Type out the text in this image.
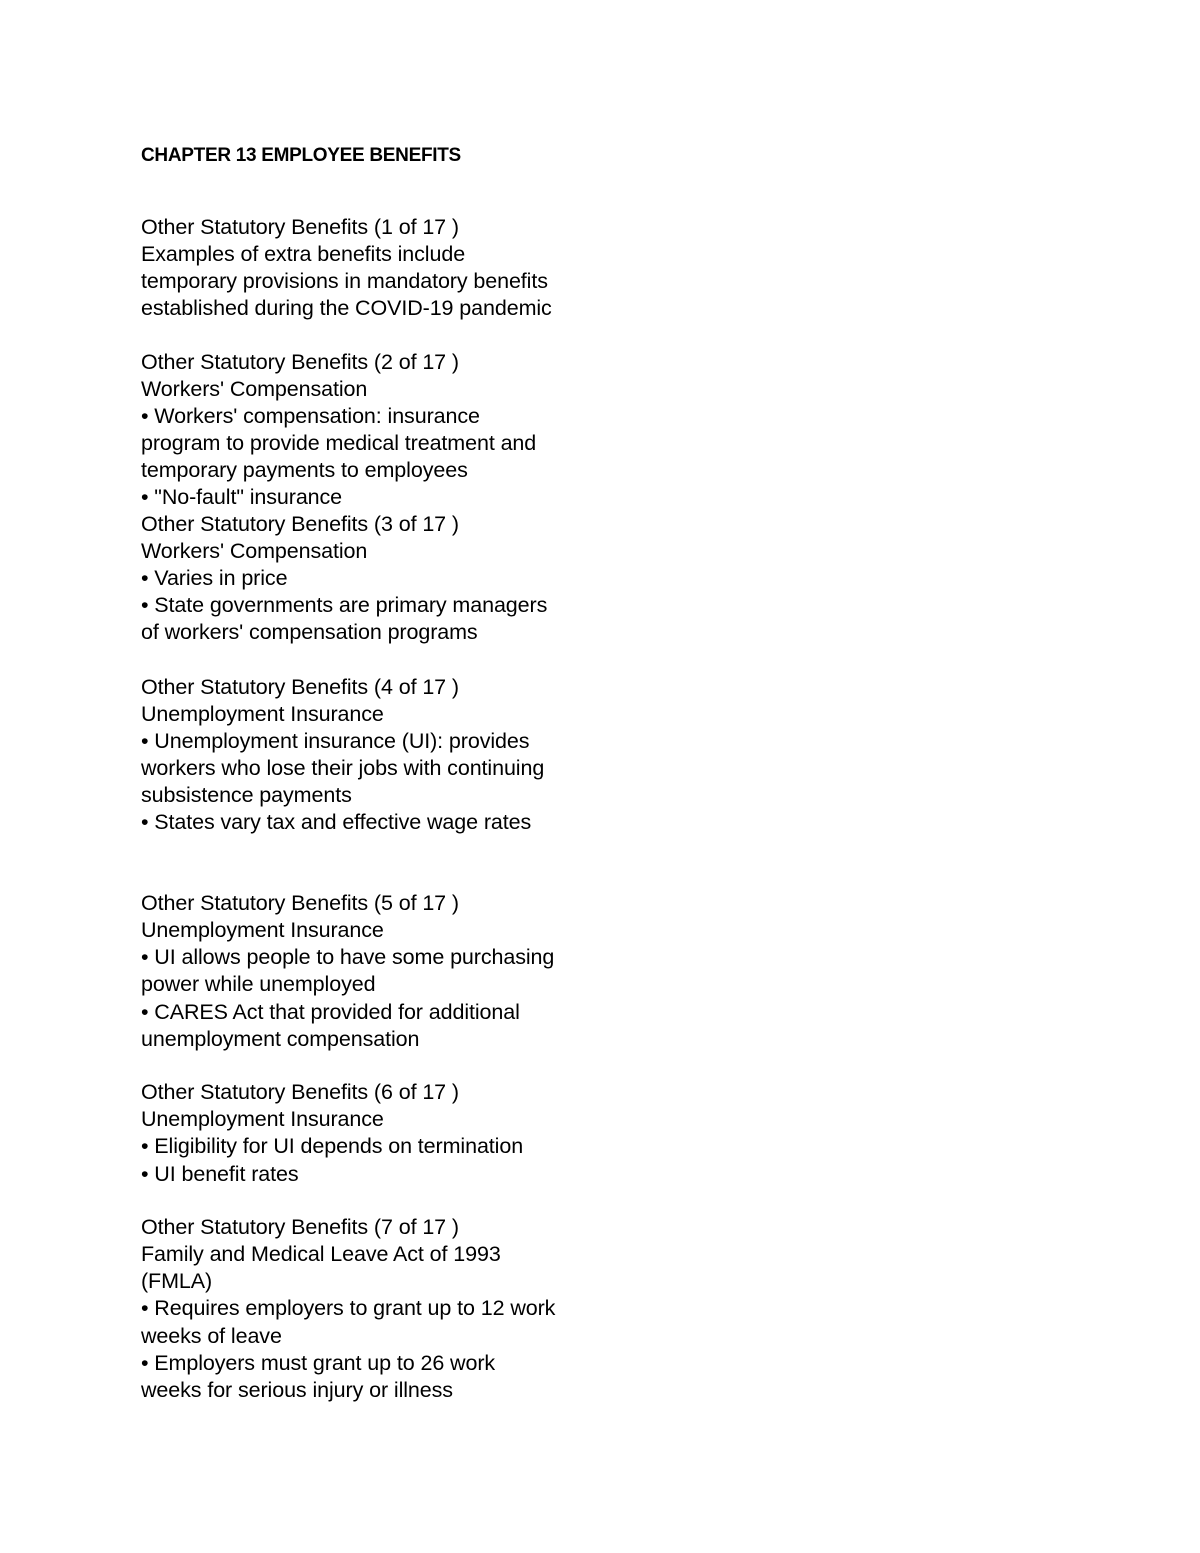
CHAPTER 13 EMPLOYEE BENEFITS
Other Statutory Benefits (1 of 17 )
Examples of extra benefits include
temporary provisions in mandatory benefits
established during the COVID-19 pandemic
Other Statutory Benefits (2 of 17 )
Workers' Compensation
• Workers' compensation: insurance
program to provide medical treatment and
temporary payments to employees
• "No-fault" insurance
Other Statutory Benefits (3 of 17 )
Workers' Compensation
• Varies in price
• State governments are primary managers
of workers' compensation programs
Other Statutory Benefits (4 of 17 )
Unemployment Insurance
• Unemployment insurance (UI): provides
workers who lose their jobs with continuing
subsistence payments
• States vary tax and effective wage rates
Other Statutory Benefits (5 of 17 )
Unemployment Insurance
• UI allows people to have some purchasing
power while unemployed
• CARES Act that provided for additional
unemployment compensation
Other Statutory Benefits (6 of 17 )
Unemployment Insurance
• Eligibility for UI depends on termination
• UI benefit rates
Other Statutory Benefits (7 of 17 )
Family and Medical Leave Act of 1993
(FMLA)
• Requires employers to grant up to 12 work
weeks of leave
• Employers must grant up to 26 work
weeks for serious injury or illness
